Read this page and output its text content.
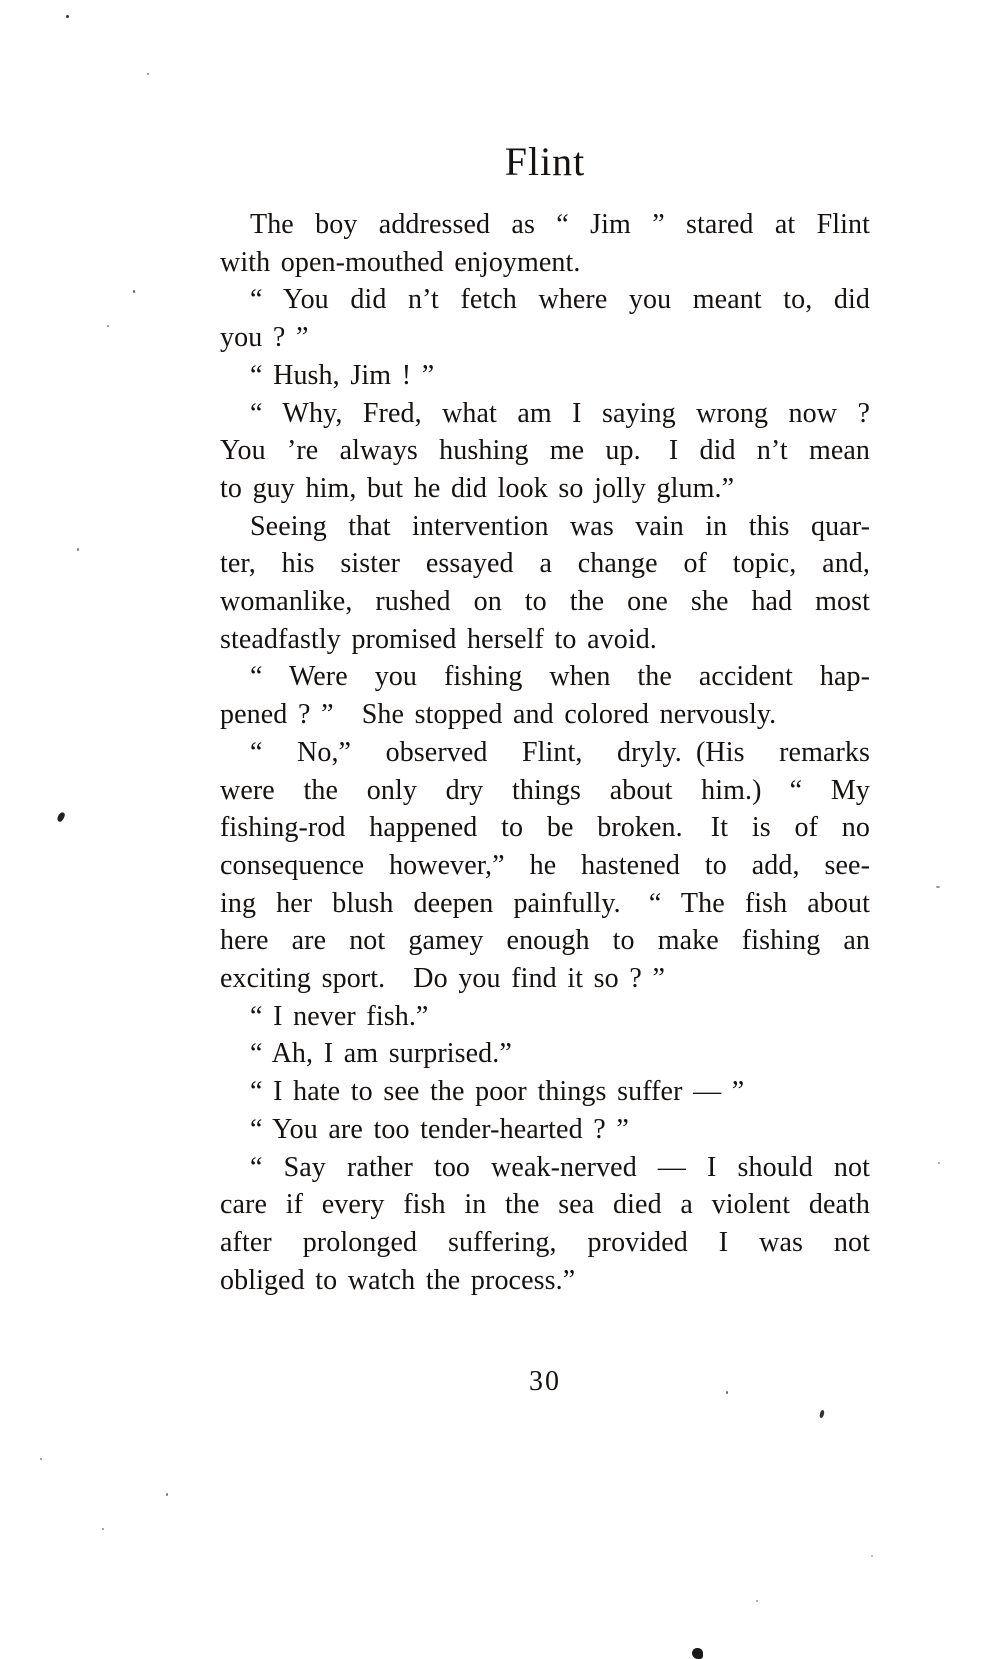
Flint

The boy addressed as “ Jim ” stared at Flint
with open-mouthed enjoyment.

“ You did n’t fetch where you meant to, did
you ? ”

“ Hush, Jim ! ”

“ Why, Fred, what am I saying wrong now ?
You ’re always hushing me up. I did n’t mean
to guy him, but he did look so jolly glum.”

Seeing that intervention was vain in this quar-
ter, his sister essayed a change of topic, and,
womanlike, rushed on to the one she had most
steadfastly promised herself to avoid.

“ Were you fishing when the accident hap-
pened ? ” She stopped and colored nervously.

“ No,” observed Flint, dryly. (His remarks
were the only dry things about him.) “ My
fishing-rod happened to be broken. It is of no
consequence however,” he hastened to add, see-
ing her blush deepen painfully. “ The fish about
here are not gamey enough to make fishing an
exciting sport. Do you find it so ? ”

“ I never fish.”

“ Ah, I am surprised.”

“ I hate to see the poor things suffer — ”

“ You are too tender-hearted ? ”

“ Say rather too weak-nerved — I should not
care if every fish in the sea died a violent death
after prolonged suffering, provided I was not
obliged to watch the process.”

30
